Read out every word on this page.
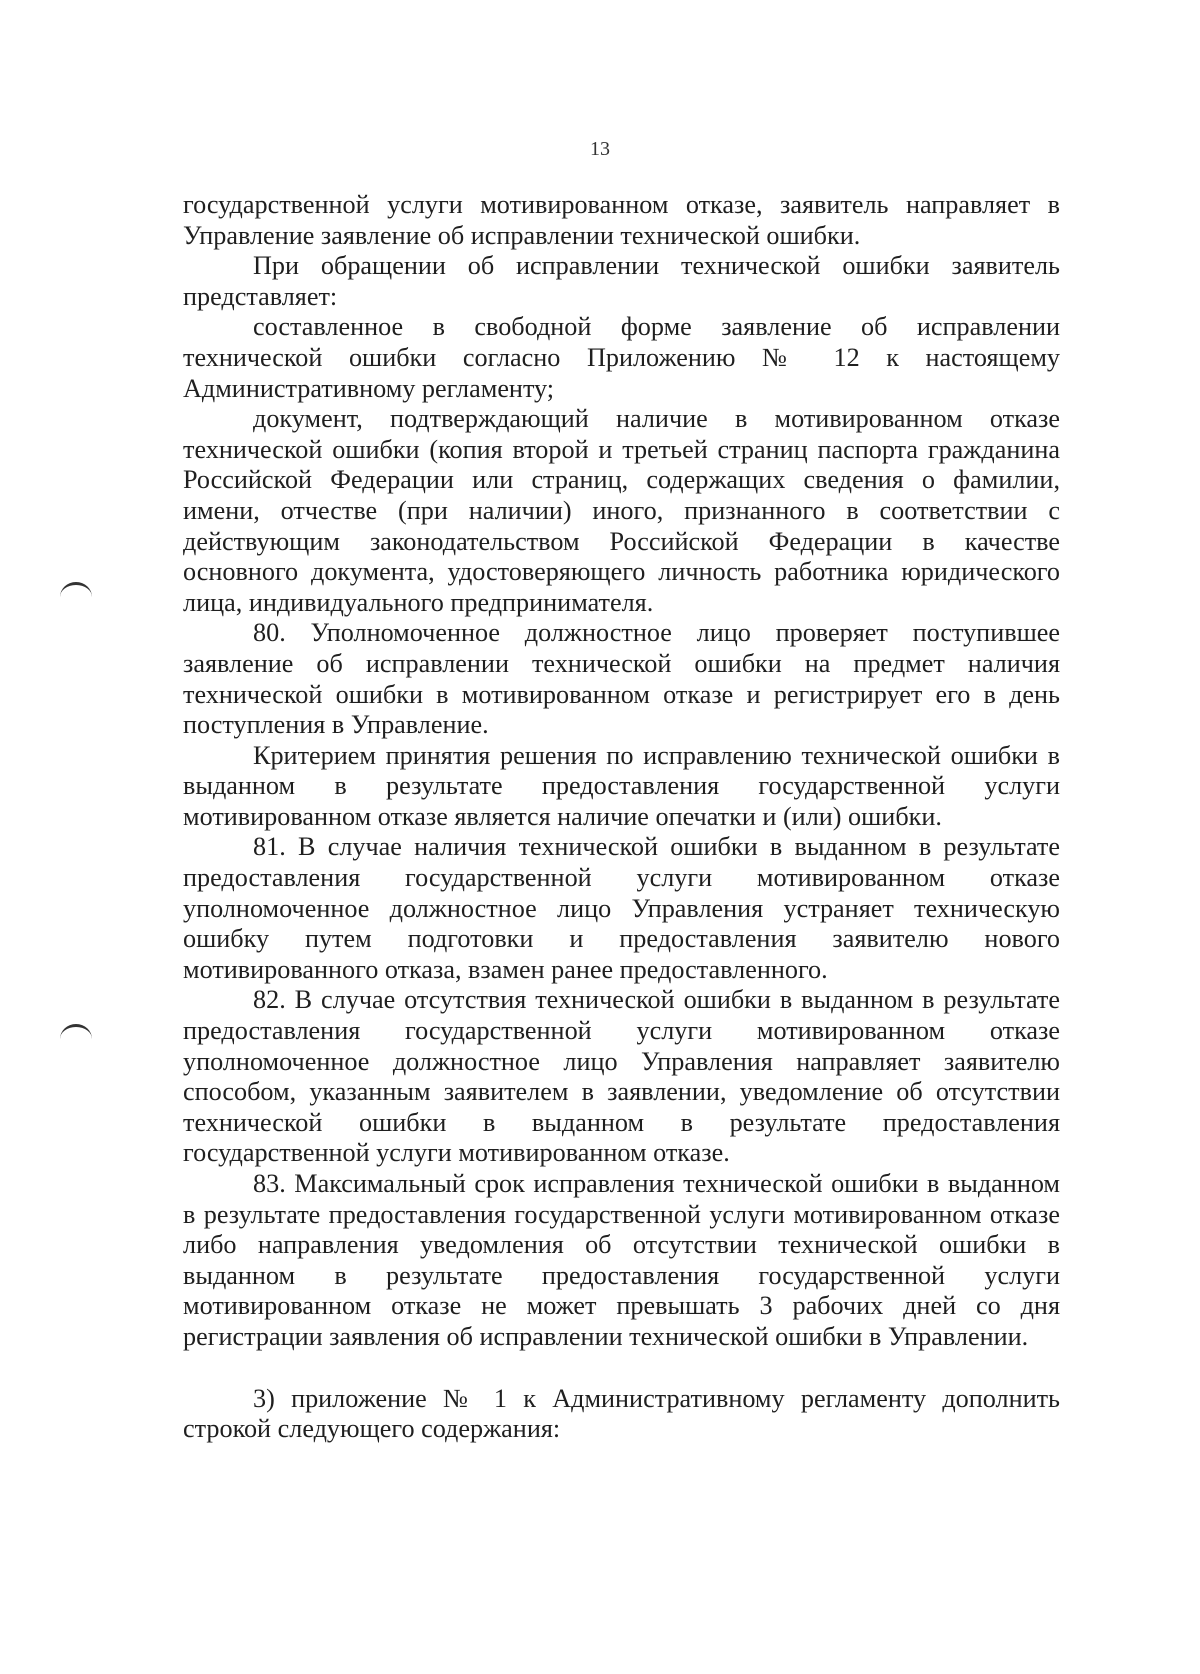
13

государственной услуги мотивированном отказе, заявитель направляет в Управление заявление об исправлении технической ошибки.

При обращении об исправлении технической ошибки заявитель представляет:

составленное в свободной форме заявление об исправлении технической ошибки согласно Приложению № 12 к настоящему Административному регламенту;

документ, подтверждающий наличие в мотивированном отказе технической ошибки (копия второй и третьей страниц паспорта гражданина Российской Федерации или страниц, содержащих сведения о фамилии, имени, отчестве (при наличии) иного, признанного в соответствии с действующим законодательством Российской Федерации в качестве основного документа, удостоверяющего личность работника юридического лица, индивидуального предпринимателя.

80. Уполномоченное должностное лицо проверяет поступившее заявление об исправлении технической ошибки на предмет наличия технической ошибки в мотивированном отказе и регистрирует его в день поступления в Управление.

Критерием принятия решения по исправлению технической ошибки в выданном в результате предоставления государственной услуги мотивированном отказе является наличие опечатки и (или) ошибки.

81. В случае наличия технической ошибки в выданном в результате предоставления государственной услуги мотивированном отказе уполномоченное должностное лицо Управления устраняет техническую ошибку путем подготовки и предоставления заявителю нового мотивированного отказа, взамен ранее предоставленного.

82. В случае отсутствия технической ошибки в выданном в результате предоставления государственной услуги мотивированном отказе уполномоченное должностное лицо Управления направляет заявителю способом, указанным заявителем в заявлении, уведомление об отсутствии технической ошибки в выданном в результате предоставления государственной услуги мотивированном отказе.

83. Максимальный срок исправления технической ошибки в выданном в результате предоставления государственной услуги мотивированном отказе либо направления уведомления об отсутствии технической ошибки в выданном в результате предоставления государственной услуги мотивированном отказе не может превышать 3 рабочих дней со дня регистрации заявления об исправлении технической ошибки в Управлении.

3) приложение № 1 к Административному регламенту дополнить строкой следующего содержания:
